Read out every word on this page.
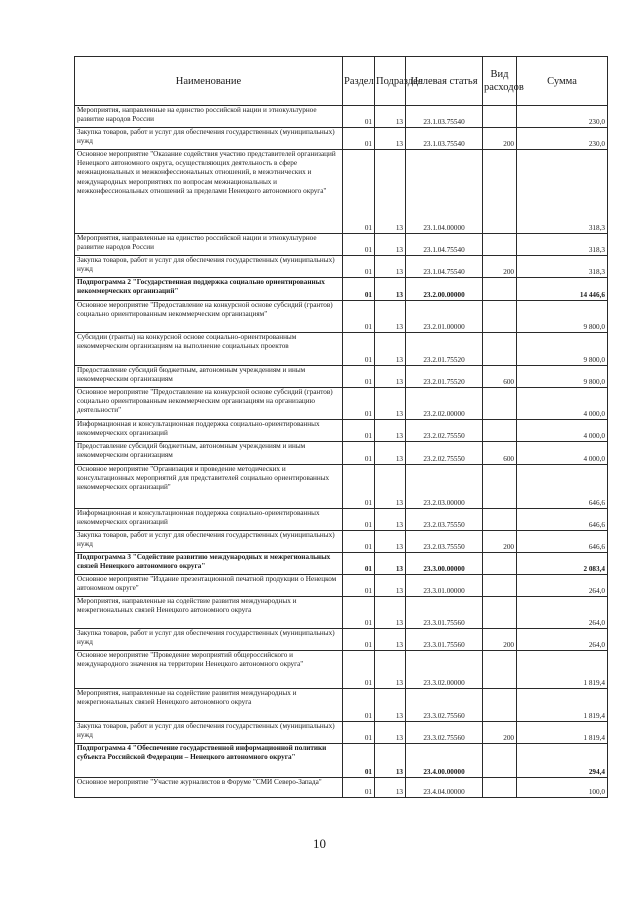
Наименование	Раздел	Подраздел	Целевая статья	Вид расходов	Сумма
Мероприятия, направленные на единство российской нации и этнокультурное развитие народов России	01	13	23.1.03.75540		230,0
Закупка товаров, работ и услуг для обеспечения государственных (муниципальных) нужд	01	13	23.1.03.75540	200	230,0
Основное мероприятие "Оказание содействия участию представителей организаций Ненецкого автономного округа, осуществляющих деятельность в сфере межнациональных и межконфессиональных отношений, в межэтнических и международных мероприятиях по вопросам межнациональных и межконфессиональных отношений за пределами Ненецкого автономного округа"	01	13	23.1.04.00000		318,3
Мероприятия, направленные на единство российской нации и этнокультурное развитие народов России	01	13	23.1.04.75540		318,3
Закупка товаров, работ и услуг для обеспечения государственных (муниципальных) нужд	01	13	23.1.04.75540	200	318,3
Подпрограмма 2 "Государственная поддержка социально ориентированных некоммерческих организаций"	01	13	23.2.00.00000		14 446,6
Основное мероприятие "Предоставление на конкурсной основе субсидий (грантов) социально ориентированным некоммерческим организациям"	01	13	23.2.01.00000		9 800,0
Субсидии (гранты) на конкурсной основе социально-ориентированным некоммерческим организациям на выполнение социальных проектов	01	13	23.2.01.75520		9 800,0
Предоставление субсидий бюджетным, автономным учреждениям и иным некоммерческим организациям	01	13	23.2.01.75520	600	9 800,0
Основное мероприятие "Предоставление на конкурсной основе субсидий (грантов) социально ориентированным некоммерческим организациям на организацию деятельности"	01	13	23.2.02.00000		4 000,0
Информационная и консультационная поддержка социально-ориентированных некоммерческих организаций	01	13	23.2.02.75550		4 000,0
Предоставление субсидий бюджетным, автономным учреждениям и иным некоммерческим организациям	01	13	23.2.02.75550	600	4 000,0
Основное мероприятие "Организация и проведение методических и консультационных мероприятий для представителей социально ориентированных некоммерческих организаций"	01	13	23.2.03.00000		646,6
Информационная и консультационная поддержка социально-ориентированных некоммерческих организаций	01	13	23.2.03.75550		646,6
Закупка товаров, работ и услуг для обеспечения государственных (муниципальных) нужд	01	13	23.2.03.75550	200	646,6
Подпрограмма 3 "Содействие развитию международных и межрегиональных связей Ненецкого автономного округа"	01	13	23.3.00.00000		2 083,4
Основное мероприятие "Издание презентационной печатной продукции о Ненецком автономном округе"	01	13	23.3.01.00000		264,0
Мероприятия, направленные на содействие развития международных и межрегиональных связей Ненецкого автономного округа	01	13	23.3.01.75560		264,0
Закупка товаров, работ и услуг для обеспечения государственных (муниципальных) нужд	01	13	23.3.01.75560	200	264,0
Основное мероприятие "Проведение мероприятий общероссийского и международного значения на территории Ненецкого автономного округа"	01	13	23.3.02.00000		1 819,4
Мероприятия, направленные на содействие развития международных и межрегиональных связей Ненецкого автономного округа	01	13	23.3.02.75560		1 819,4
Закупка товаров, работ и услуг для обеспечения государственных (муниципальных) нужд	01	13	23.3.02.75560	200	1 819,4
Подпрограмма 4 "Обеспечение государственной информационной политики субъекта Российской Федерации – Ненецкого автономного округа"	01	13	23.4.00.00000		294,4
Основное мероприятие "Участие журналистов в Форуме "СМИ Северо-Запада"	01	13	23.4.04.00000		100,0
10
